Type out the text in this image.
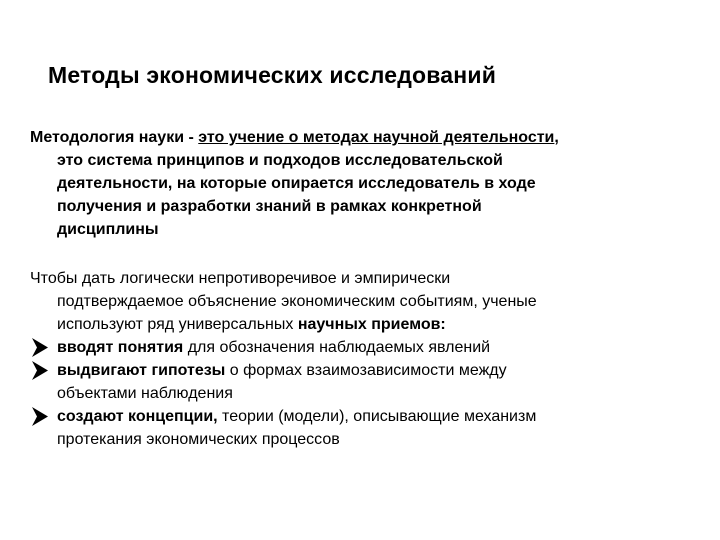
Методы экономических исследований
Методология науки - это учение о методах научной деятельности,
это система принципов и подходов исследовательской
деятельности, на которые опирается исследователь в ходе
получения и разработки знаний в рамках конкретной
дисциплины
Чтобы дать логически непротиворечивое и эмпирически
подтверждаемое объяснение экономическим событиям, ученые
используют ряд универсальных научных приемов:
вводят понятия для обозначения наблюдаемых явлений
выдвигают гипотезы о формах взаимозависимости между
объектами наблюдения
создают концепции, теории (модели), описывающие механизм
протекания экономических процессов
